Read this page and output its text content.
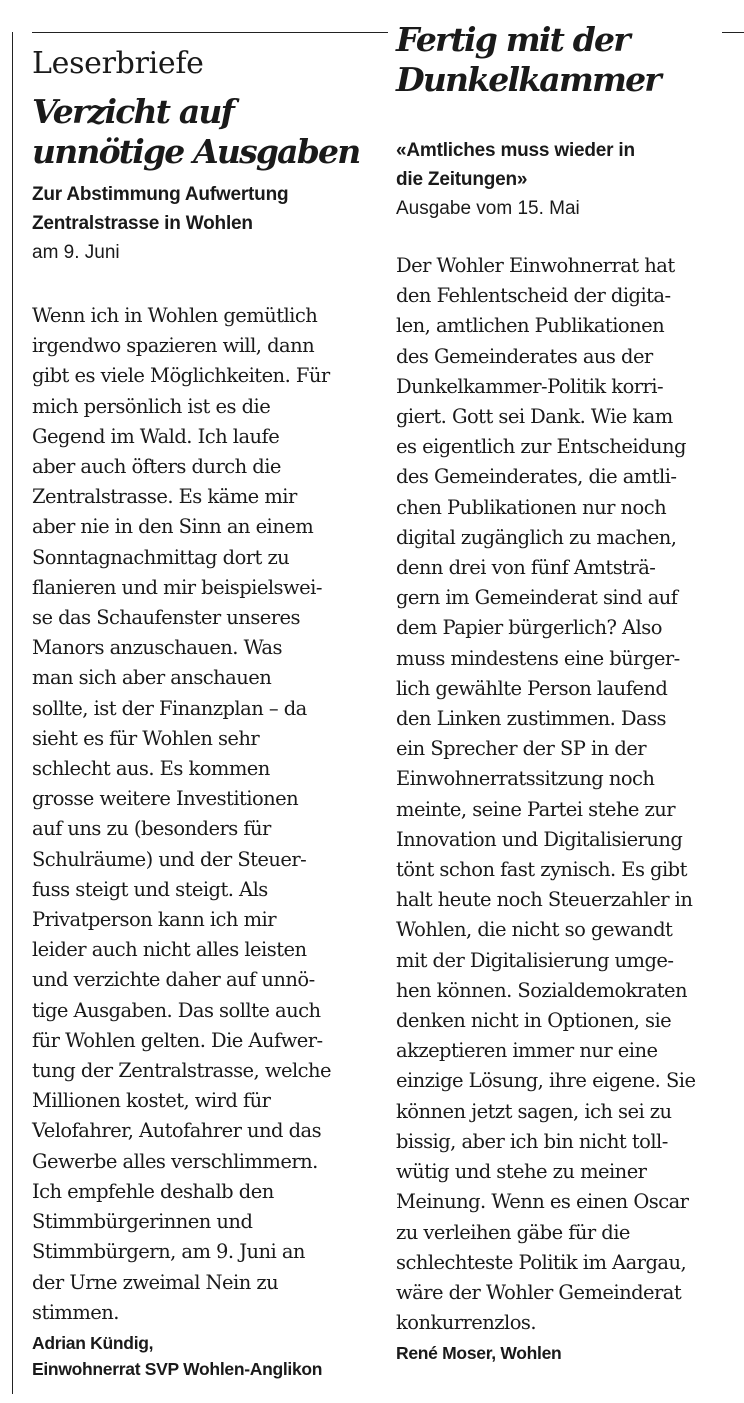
Leserbriefe
Verzicht auf
unnötige Ausgaben
Zur Abstimmung Aufwertung
Zentralstrasse in Wohlen
am 9. Juni
Wenn ich in Wohlen gemütlich
irgendwo spazieren will, dann
gibt es viele Möglichkeiten. Für
mich persönlich ist es die
Gegend im Wald. Ich laufe
aber auch öfters durch die
Zentralstrasse. Es käme mir
aber nie in den Sinn an einem
Sonntagnachmittag dort zu
flanieren und mir beispielswei-
se das Schaufenster unseres
Manors anzuschauen. Was
man sich aber anschauen
sollte, ist der Finanzplan – da
sieht es für Wohlen sehr
schlecht aus. Es kommen
grosse weitere Investitionen
auf uns zu (besonders für
Schulräume) und der Steuer-
fuss steigt und steigt. Als
Privatperson kann ich mir
leider auch nicht alles leisten
und verzichte daher auf unnö-
tige Ausgaben. Das sollte auch
für Wohlen gelten. Die Aufwer-
tung der Zentralstrasse, welche
Millionen kostet, wird für
Velofahrer, Autofahrer und das
Gewerbe alles verschlimmern.
Ich empfehle deshalb den
Stimmbürgerinnen und
Stimmbürgern, am 9. Juni an
der Urne zweimal Nein zu
stimmen.
Adrian Kündig,
Einwohnerrat SVP Wohlen-Anglikon
Fertig mit der
Dunkelkammer
«Amtliches muss wieder in
die Zeitungen»
Ausgabe vom 15. Mai
Der Wohler Einwohnerrat hat
den Fehlentscheid der digita-
len, amtlichen Publikationen
des Gemeinderates aus der
Dunkelkammer-Politik korri-
giert. Gott sei Dank. Wie kam
es eigentlich zur Entscheidung
des Gemeinderates, die amtli-
chen Publikationen nur noch
digital zugänglich zu machen,
denn drei von fünf Amtsträ-
gern im Gemeinderat sind auf
dem Papier bürgerlich? Also
muss mindestens eine bürger-
lich gewählte Person laufend
den Linken zustimmen. Dass
ein Sprecher der SP in der
Einwohnerratssitzung noch
meinte, seine Partei stehe zur
Innovation und Digitalisierung
tönt schon fast zynisch. Es gibt
halt heute noch Steuerzahler in
Wohlen, die nicht so gewandt
mit der Digitalisierung umge-
hen können. Sozialdemokraten
denken nicht in Optionen, sie
akzeptieren immer nur eine
einzige Lösung, ihre eigene. Sie
können jetzt sagen, ich sei zu
bissig, aber ich bin nicht toll-
wütig und stehe zu meiner
Meinung. Wenn es einen Oscar
zu verleihen gäbe für die
schlechteste Politik im Aargau,
wäre der Wohler Gemeinderat
konkurrenzlos.
René Moser, Wohlen
